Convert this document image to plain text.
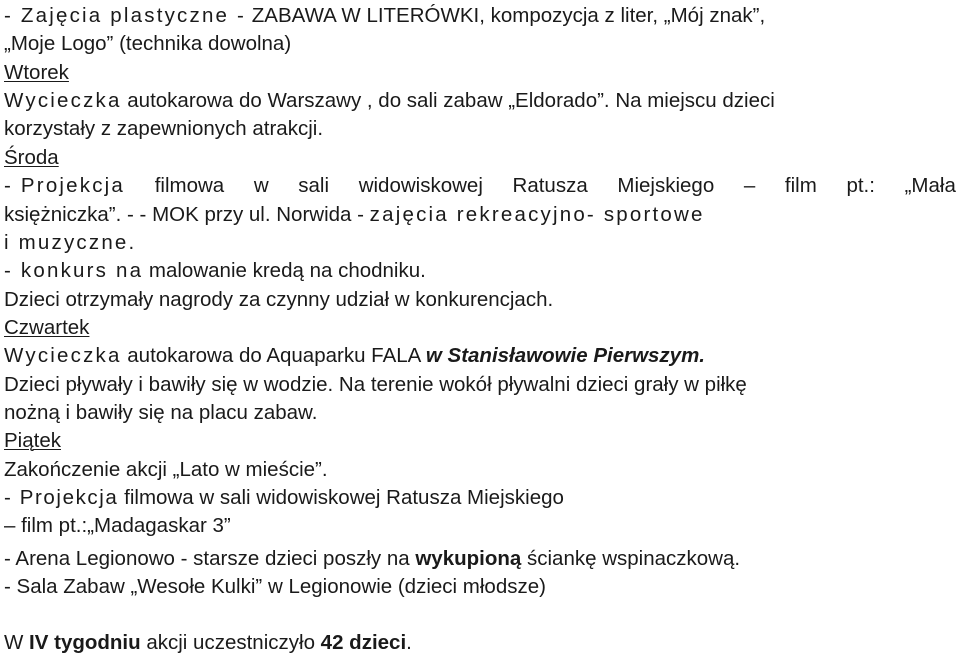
- Zajęcia plastyczne - ZABAWA W LITERÓWKI, kompozycja z liter, „Mój znak”,
„Moje Logo” (technika dowolna)
Wtorek
Wycieczka autokarowa do Warszawy , do sali zabaw „Eldorado”. Na miejscu dzieci
korzystały z zapewnionych atrakcji.
Środa
- Projekcja filmowa w sali widowiskowej Ratusza Miejskiego – film pt.: „Mała
księżniczka”. - - MOK przy ul. Norwida - zajęcia rekreacyjno- sportowe
i muzyczne.
- konkurs na malowanie kredą na chodniku.
Dzieci otrzymały nagrody za czynny udział w konkurencjach.
Czwartek
Wycieczka autokarowa do Aquaparku FALA w Stanisławowie Pierwszym.
Dzieci pływały i bawiły się w wodzie. Na terenie wokół pływalni dzieci grały w piłkę
nożną i bawiły się na placu zabaw.
Piątek
Zakończenie akcji „Lato w mieście”.
- Projekcja filmowa w sali widowiskowej Ratusza Miejskiego
– film pt.:„Madagaskar 3”
- Arena Legionowo - starsze dzieci poszły na wykupioną ściankę wspinaczkową.
- Sala Zabaw „Wesołe Kulki” w Legionowie (dzieci młodsze)
W IV tygodniu akcji uczestniczyło 42 dzieci.
